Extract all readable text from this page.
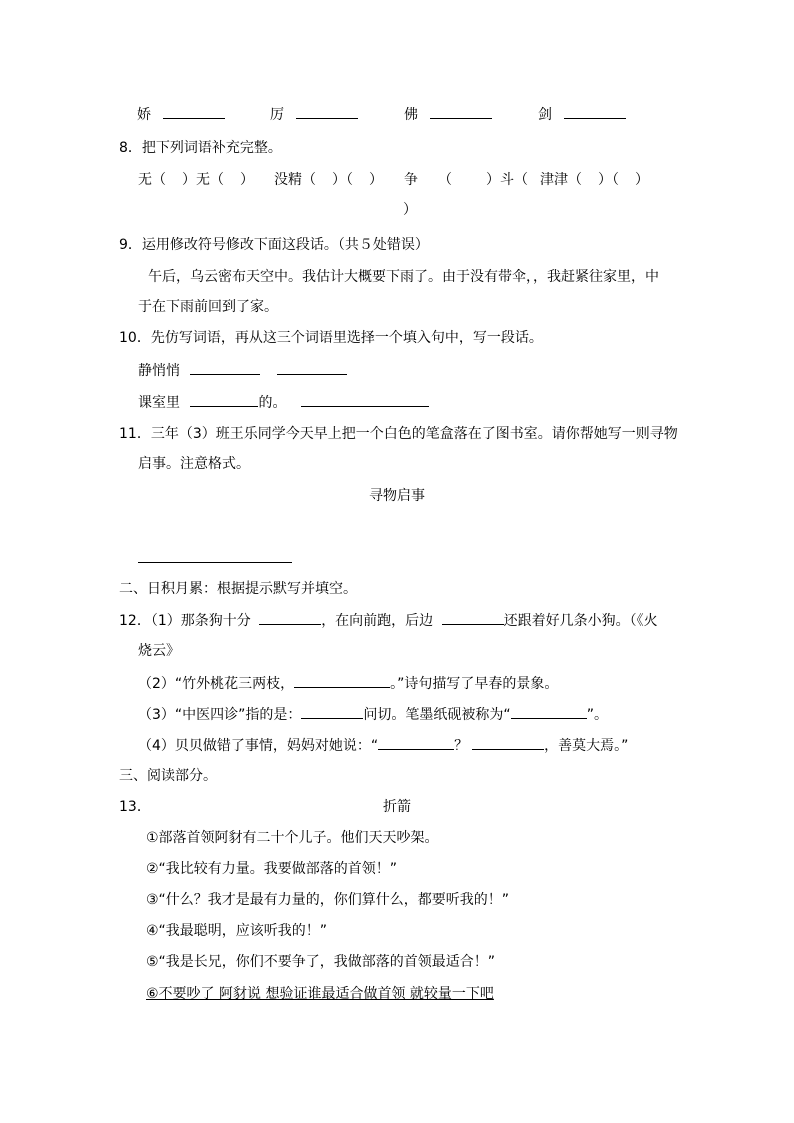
娇	厉	佛	剑
8．把下列词语补充完整。
无（ ）无（ ） 没精（ ）（ ） 争 （ ）斗（ 津津（ ）（ ）
）
9．运用修改符号修改下面这段话。（共５处错误）
午后，乌云密布天空中。我估计大概要下雨了。由于没有带伞，，我赶紧往家里，中
于在下雨前回到了家。
10．先仿写词语，再从这三个词语里选择一个填入句中，写一段话。
静悄悄
课室里	的。
11．三年（3）班王乐同学今天早上把一个白色的笔盒落在了图书室。请你帮她写一则寻物
启事。注意格式。
寻物启事
二、日积月累：根据提示默写并填空。
12．（1）那条狗十分	，在向前跑，后边	还跟着好几条小狗。（《火
烧云》
（2）“竹外桃花三两枝，	。”诗句描写了早春的景象。
（3）“中医四诊”指的是：	问切。笔墨纸砚被称为“	”。
（4）贝贝做错了事情，妈妈对她说：“	？	，善莫大焉。”
三、阅读部分。
13．	折箭
①部落首领阿豺有二十个儿子。他们天天吵架。
②“我比较有力量。我要做部落的首领！”
③“什么？我才是最有力量的，你们算什么，都要听我的！”
④“我最聪明，应该听我的！”
⑤“我是长兄，你们不要争了，我做部落的首领最适合！”
⑥不要吵了 阿豺说 想验证谁最适合做首领 就较量一下吧
